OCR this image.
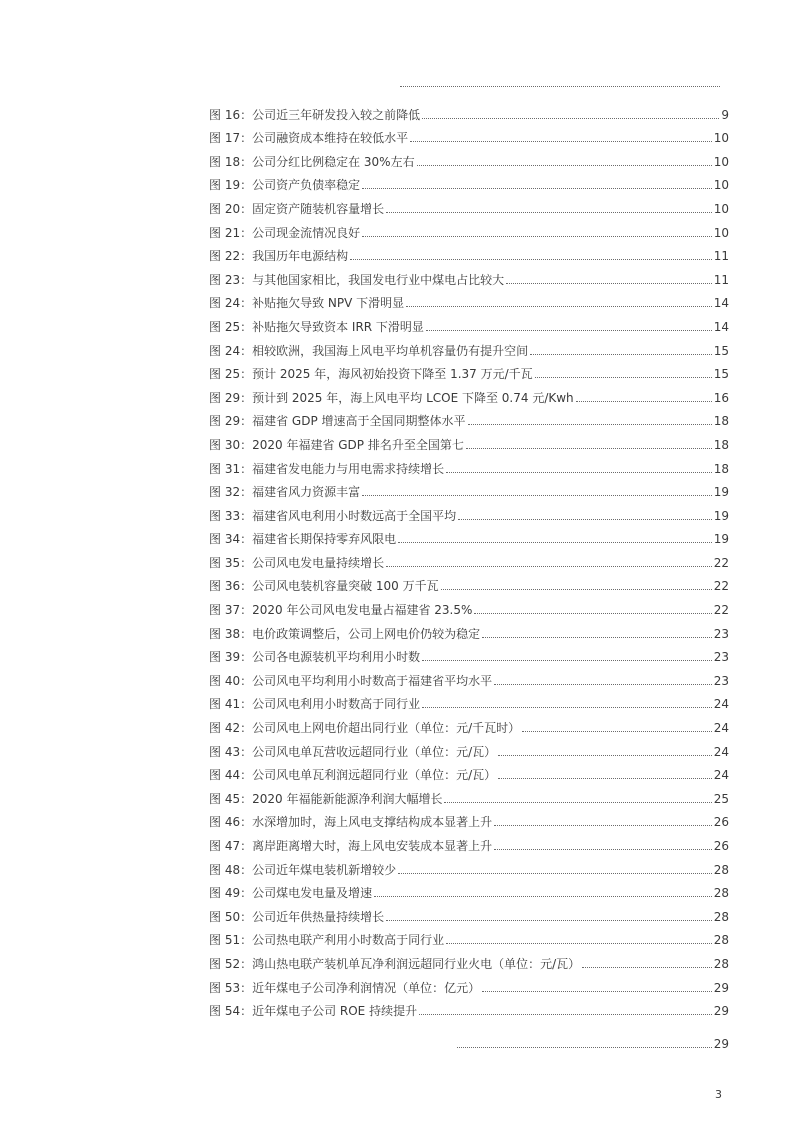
图 16：公司近三年研发投入较之前降低	9
图 17：公司融资成本维持在较低水平	10
图 18：公司分红比例稳定在 30%左右	10
图 19：公司资产负债率稳定	10
图 20：固定资产随装机容量增长	10
图 21：公司现金流情况良好	10
图 22：我国历年电源结构	11
图 23：与其他国家相比，我国发电行业中煤电占比较大	11
图 24：补贴拖欠导致 NPV 下滑明显	14
图 25：补贴拖欠导致资本 IRR 下滑明显	14
图 24：相较欧洲，我国海上风电平均单机容量仍有提升空间	15
图 25：预计 2025 年，海风初始投资下降至 1.37 万元/千瓦	15
图 29：预计到 2025 年，海上风电平均 LCOE 下降至 0.74 元/Kwh	16
图 29：福建省 GDP 增速高于全国同期整体水平	18
图 30：2020 年福建省 GDP 排名升至全国第七	18
图 31：福建省发电能力与用电需求持续增长	18
图 32：福建省风力资源丰富	19
图 33：福建省风电利用小时数远高于全国平均	19
图 34：福建省长期保持零弃风限电	19
图 35：公司风电发电量持续增长	22
图 36：公司风电装机容量突破 100 万千瓦	22
图 37：2020 年公司风电发电量占福建省 23.5%	22
图 38：电价政策调整后，公司上网电价仍较为稳定	23
图 39：公司各电源装机平均利用小时数	23
图 40：公司风电平均利用小时数高于福建省平均水平	23
图 41：公司风电利用小时数高于同行业	24
图 42：公司风电上网电价超出同行业（单位：元/千瓦时）	24
图 43：公司风电单瓦营收远超同行业（单位：元/瓦）	24
图 44：公司风电单瓦利润远超同行业（单位：元/瓦）	24
图 45：2020 年福能新能源净利润大幅增长	25
图 46：水深增加时，海上风电支撑结构成本显著上升	26
图 47：离岸距离增大时，海上风电安装成本显著上升	26
图 48：公司近年煤电装机新增较少	28
图 49：公司煤电发电量及增速	28
图 50：公司近年供热量持续增长	28
图 51：公司热电联产利用小时数高于同行业	28
图 52：鸿山热电联产装机单瓦净利润远超同行业火电（单位：元/瓦）	28
图 53：近年煤电子公司净利润情况（单位：亿元）	29
图 54：近年煤电子公司 ROE 持续提升	29
29
3
